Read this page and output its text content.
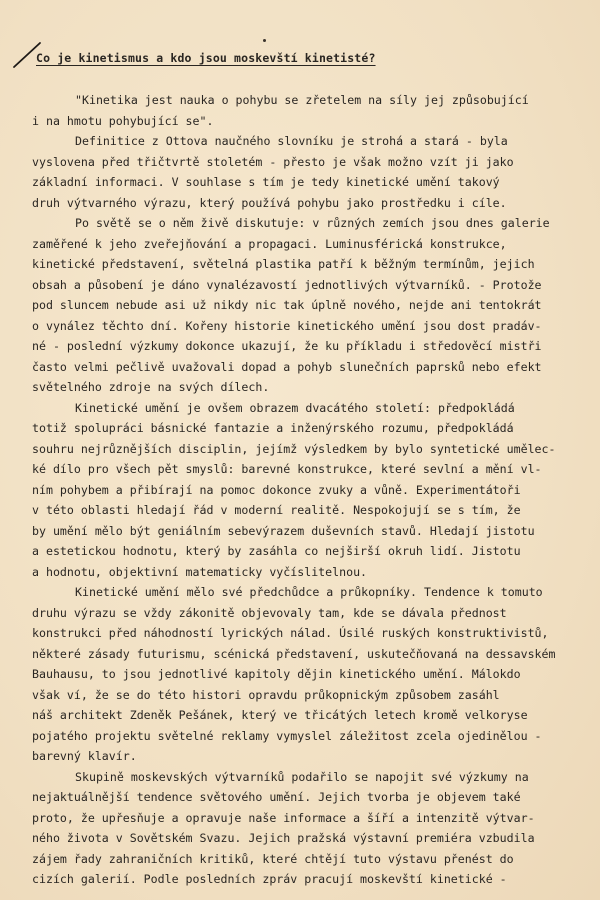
Co je kinetismus a kdo jsou moskevští kinetisté?
"Kinetika jest nauka o pohybu se zřetelem na síly jej způsobující
i na hmotu pohybující se".
Definitice z Ottova naučného slovníku je strohá a stará - byla
vyslovena před třičtvrtě stoletém - přesto je však možno vzít ji jako
základní informaci. V souhlase s tím je tedy kinetické umění takový
druh výtvarného výrazu, který používá pohybu jako prostředku i cíle.
Po světě se o něm živě diskutuje: v různých zemích jsou dnes galerie
zaměřené k jeho zveřejňování a propagaci. Luminusférická konstrukce,
kinetické představení, světelná plastika patří k běžným termínům, jejich
obsah a působení je dáno vynalézavostí jednotlivých výtvarníků. - Protože
pod sluncem nebude asi už nikdy nic tak úplně nového, nejde ani tentokrát
o vynález těchto dní. Kořeny historie kinetického umění jsou dost pradáv-
né - poslední výzkumy dokonce ukazují, že ku příkladu i středověcí mistři
často velmi pečlivě uvažovali dopad a pohyb slunečních paprsků nebo efekt
světelného zdroje na svých dílech.
Kinetické umění je ovšem obrazem dvacátého století: předpokládá
totiž spolupráci básnické fantazie a inženýrského rozumu, předpokládá
souhru nejrůznějších disciplin, jejímž výsledkem by bylo syntetické umělec-
ké dílo pro všech pět smyslů: barevné konstrukce, které sevlní a mění vl-
ním pohybem a přibírají na pomoc dokonce zvuky a vůně. Experimentátoři
v této oblasti hledají řád v moderní realitě. Nespokojují se s tím, že
by umění mělo být geniálním sebevýrazem duševních stavů. Hledají jistotu
a estetickou hodnotu, který by zasáhla co nejširší okruh lidí. Jistotu
a hodnotu, objektivní matematicky vyčíslitelnou.
Kinetické umění mělo své předchůdce a průkopníky. Tendence k tomuto
druhu výrazu se vždy zákonitě objevovaly tam, kde se dávala přednost
konstrukci před náhodností lyrických nálad. Úsilé ruských konstruktivistů,
některé zásady futurismu, scénická představení, uskutečňovaná na dessavském
Bauhausu, to jsou jednotlivé kapitoly dějin kinetického umění. Málokdo
však ví, že se do této histori opravdu průkopnickým způsobem zasáhl
náš architekt Zdeněk Pešánek, který ve třicátých letech kromě velkoryse
pojatého projektu světelné reklamy vymyslel záležitost zcela ojedinělou -
barevný klavír.
Skupině moskevských výtvarníků podařilo se napojit své výzkumy na
nejaktuálnější tendence světového umění. Jejich tvorba je objevem také
proto, že upřesňuje a opravuje naše informace a šíří a intenzitě výtvar-
ného života v Sovětském Svazu. Jejich pražská výstavní premiéra vzbudila
zájem řady zahraničních kritiků, které chtějí tuto výstavu přenést do
cizích galerií. Podle posledních zpráv pracují moskevští kinetické -
